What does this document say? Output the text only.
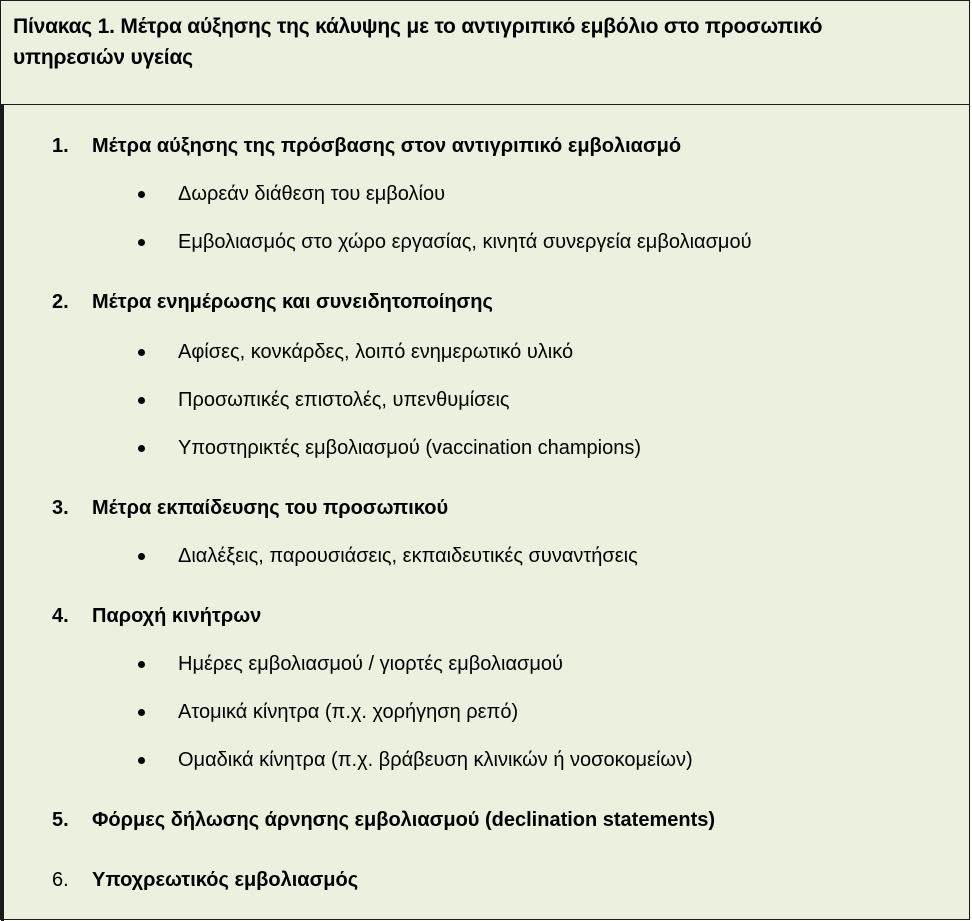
Πίνακας 1. Μέτρα αύξησης της κάλυψης με το αντιγριπικό εμβόλιο στο προσωπικό
υπηρεσιών υγείας

1. Μέτρα αύξησης της πρόσβασης στον αντιγριπικό εμβολιασμό
Δωρεάν διάθεση του εμβολίου
Εμβολιασμός στο χώρο εργασίας, κινητά συνεργεία εμβολιασμού
2. Μέτρα ενημέρωσης και συνειδητοποίησης
Αφίσες, κονκάρδες, λοιπό ενημερωτικό υλικό
Προσωπικές επιστολές, υπενθυμίσεις
Υποστηρικτές εμβολιασμού (vaccination champions)
3. Μέτρα εκπαίδευσης του προσωπικού
Διαλέξεις, παρουσιάσεις, εκπαιδευτικές συναντήσεις
4. Παροχή κινήτρων
Ημέρες εμβολιασμού / γιορτές εμβολιασμού
Ατομικά κίνητρα (π.χ. χορήγηση ρεπό)
Ομαδικά κίνητρα (π.χ. βράβευση κλινικών ή νοσοκομείων)
5. Φόρμες δήλωσης άρνησης εμβολιασμού (declination statements)
6. Υποχρεωτικός εμβολιασμός
